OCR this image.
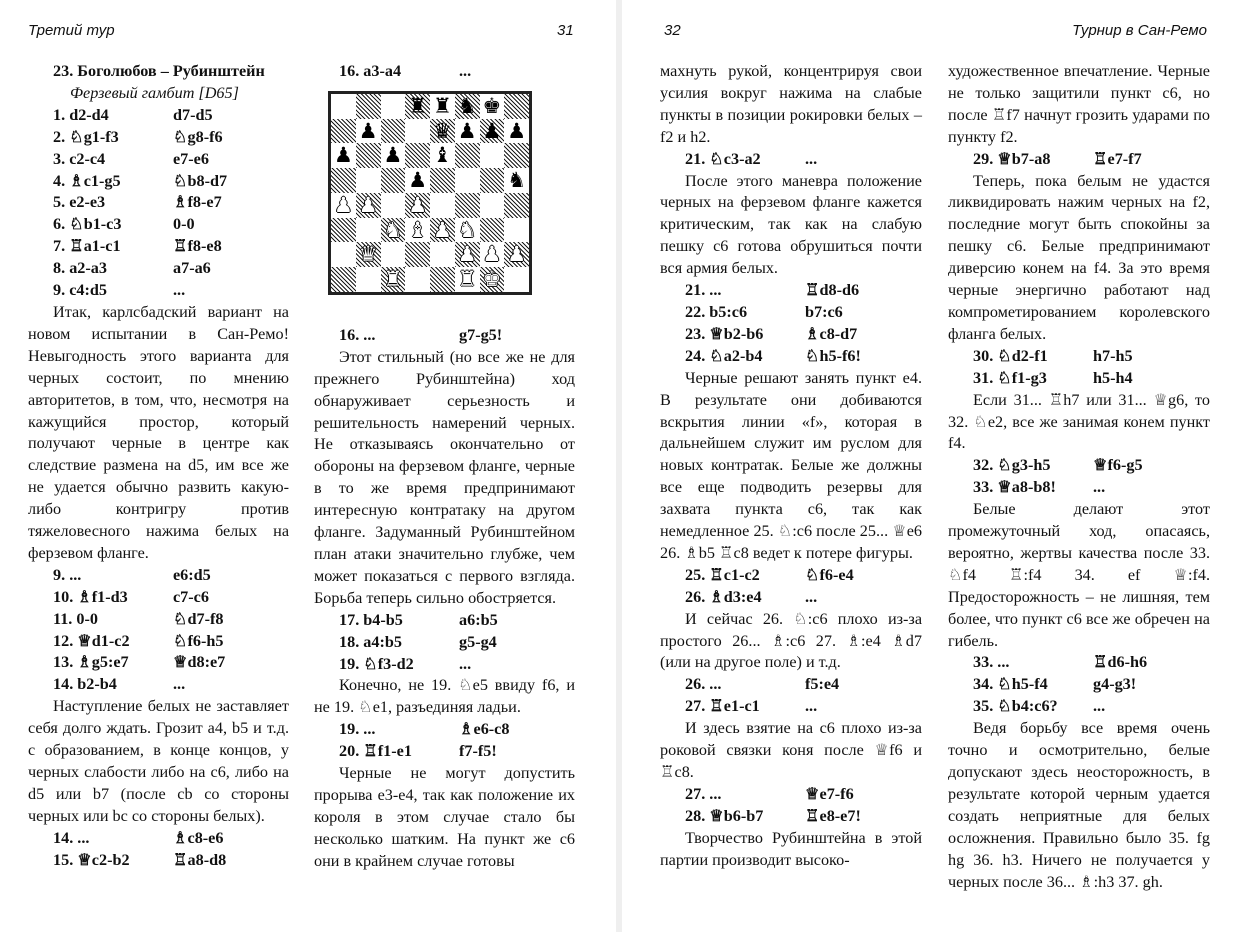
Третий тур	31
23. Боголюбов – Рубинштейн
Ферзевый гамбит [D65]
1. d2-d4	d7-d5
2. ♘g1-f3	♘g8-f6
3. c2-c4	e7-e6
4. ♗c1-g5	♘b8-d7
5. e2-e3	♗f8-e7
6. ♘b1-c3	0-0
7. ♖a1-c1	♖f8-e8
8. a2-a3	a7-a6
9. c4:d5	...

Итак, карлсбадский вариант на новом испытании в Сан-Ремо! Невыгодность этого варианта для черных состоит, по мнению авторитетов, в том, что, несмотря на кажущийся простор, который получают черные в центре как следствие размена на d5, им все же не удается обычно развить какую-либо контригру против тяжеловесного нажима белых на ферзевом фланге.

9. ...	e6:d5
10. ♗f1-d3	c7-c6
11. 0-0	♘d7-f8
12. ♕d1-c2	♘f6-h5
13. ♗g5:e7	♕d8:e7
14. b2-b4	...

Наступление белых не заставляет себя долго ждать. Грозит a4, b5 и т.д. с образованием, в конце концов, у черных слабости либо на c6, либо на d5 или b7 (после cb со стороны черных или bc со стороны белых).

14. ...	♗c8-e6
15. ♕c2-b2	♖a8-d8
16. a3-a4	...
♜ ♜ ♞ ♚
♟	♛ ♟ ♟ ♟
♟ ♟ ♝
♟	♞
♟ ♟ ♟
♞ ♝ ♟ ♞
♛	♟ ♟ ♟
♜	♜ ♚
16. ...	g7-g5!

Этот стильный (но все же не для прежнего Рубинштейна) ход обнаруживает серьезность и решительность намерений черных. Не отказываясь окончательно от обороны на ферзевом фланге, черные в то же время предпринимают интересную контратаку на другом фланге. Задуманный Рубинштейном план атаки значительно глубже, чем может показаться с первого взгляда. Борьба теперь сильно обостряется.

17. b4-b5	a6:b5
18. a4:b5	g5-g4
19. ♘f3-d2	...

Конечно, не 19. ♘e5 ввиду f6, и не 19. ♘e1, разъединяя ладьи.

19. ...	♗e6-c8
20. ♖f1-e1	f7-f5!

Черные не могут допустить прорыва e3-e4, так как положение их короля в этом случае стало бы несколько шатким. На пункт же c6 они в крайнем случае готовы

32	Турнир в Сан-Ремо

махнуть рукой, концентрируя свои усилия вокруг нажима на слабые пункты в позиции рокировки белых – f2 и h2.

21. ♘c3-a2	...

После этого маневра положение черных на ферзевом фланге кажется критическим, так как на слабую пешку c6 готова обрушиться почти вся армия белых.

21. ...	♖d8-d6
22. b5:c6	b7:c6
23. ♕b2-b6	♗c8-d7
24. ♘a2-b4	♘h5-f6!

Черные решают занять пункт e4. В результате они добиваются вскрытия линии «f», которая в дальнейшем служит им руслом для новых контратак. Белые же должны все еще подводить резервы для захвата пункта c6, так как немедленное 25. ♘:c6 после 25... ♕e6 26. ♗b5 ♖c8 ведет к потере фигуры.

25. ♖c1-c2	♘f6-e4
26. ♗d3:e4	...

И сейчас 26. ♘:c6 плохо из-за простого 26... ♗:c6 27. ♗:e4 ♗d7 (или на другое поле) и т.д.

26. ...	f5:e4
27. ♖e1-c1	...

И здесь взятие на c6 плохо из-за роковой связки коня после ♕f6 и ♖c8.

27. ...	♕e7-f6
28. ♕b6-b7	♖e8-e7!

Творчество Рубинштейна в этой партии производит высоко-

художественное впечатление. Черные не только защитили пункт c6, но после ♖f7 начнут грозить ударами по пункту f2.

29. ♕b7-a8	♖e7-f7

Теперь, пока белым не удастся ликвидировать нажим черных на f2, последние могут быть спокойны за пешку c6. Белые предпринимают диверсию конем на f4. За это время черные энергично работают над компрометированием королевского фланга белых.

30. ♘d2-f1	h7-h5
31. ♘f1-g3	h5-h4

Если 31... ♖h7 или 31... ♕g6, то 32. ♘e2, все же занимая конем пункт f4.

32. ♘g3-h5	♕f6-g5
33. ♕a8-b8!	...

Белые делают этот промежуточный ход, опасаясь, вероятно, жертвы качества после 33. ♘f4 ♖:f4 34. ef ♕:f4. Предосторожность – не лишняя, тем более, что пункт c6 все же обречен на гибель.

33. ...	♖d6-h6
34. ♘h5-f4	g4-g3!
35. ♘b4:c6?	...

Ведя борьбу все время очень точно и осмотрительно, белые допускают здесь неосторожность, в результате которой черным удается создать неприятные для белых осложнения. Правильно было 35. fg hg 36. h3. Ничего не получается у черных после 36... ♗:h3 37. gh.
